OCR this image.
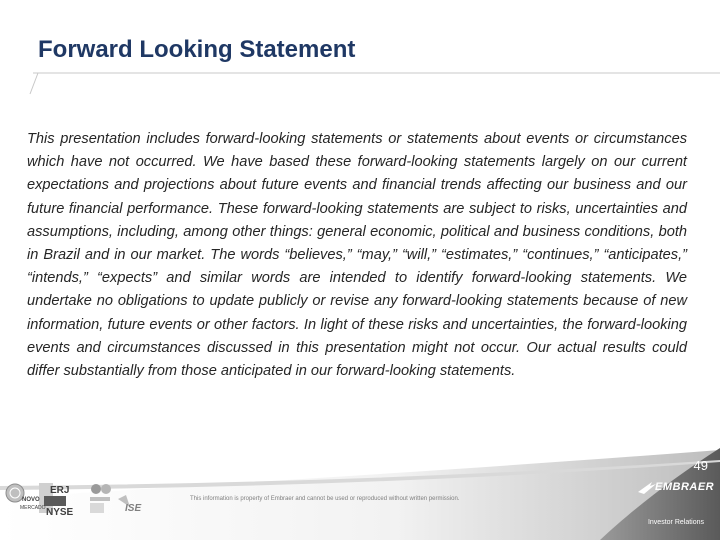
Forward Looking Statement

This presentation includes forward-looking statements or statements about events or circumstances which have not occurred. We have based these forward-looking statements largely on our current expectations and projections about future events and financial trends affecting our business and our future financial performance. These forward-looking statements are subject to risks, uncertainties and assumptions, including, among other things: general economic, political and business conditions, both in Brazil and in our market. The words “believes,” “may,” “will,” “estimates,” “continues,” “anticipates,” “intends,” “expects” and similar words are intended to identify forward-looking statements. We undertake no obligations to update publicly or revise any forward-looking statements because of new information, future events or other factors. In light of these risks and uncertainties, the forward-looking events and circumstances discussed in this presentation might not occur. Our actual results could differ substantially from those anticipated in our forward-looking statements.

49
NOVO
MERCADO
ERJ
NYSE	ISE
This information is property of Embraer and cannot be used or reproduced without written permission.
EMBRAER
Investor Relations
